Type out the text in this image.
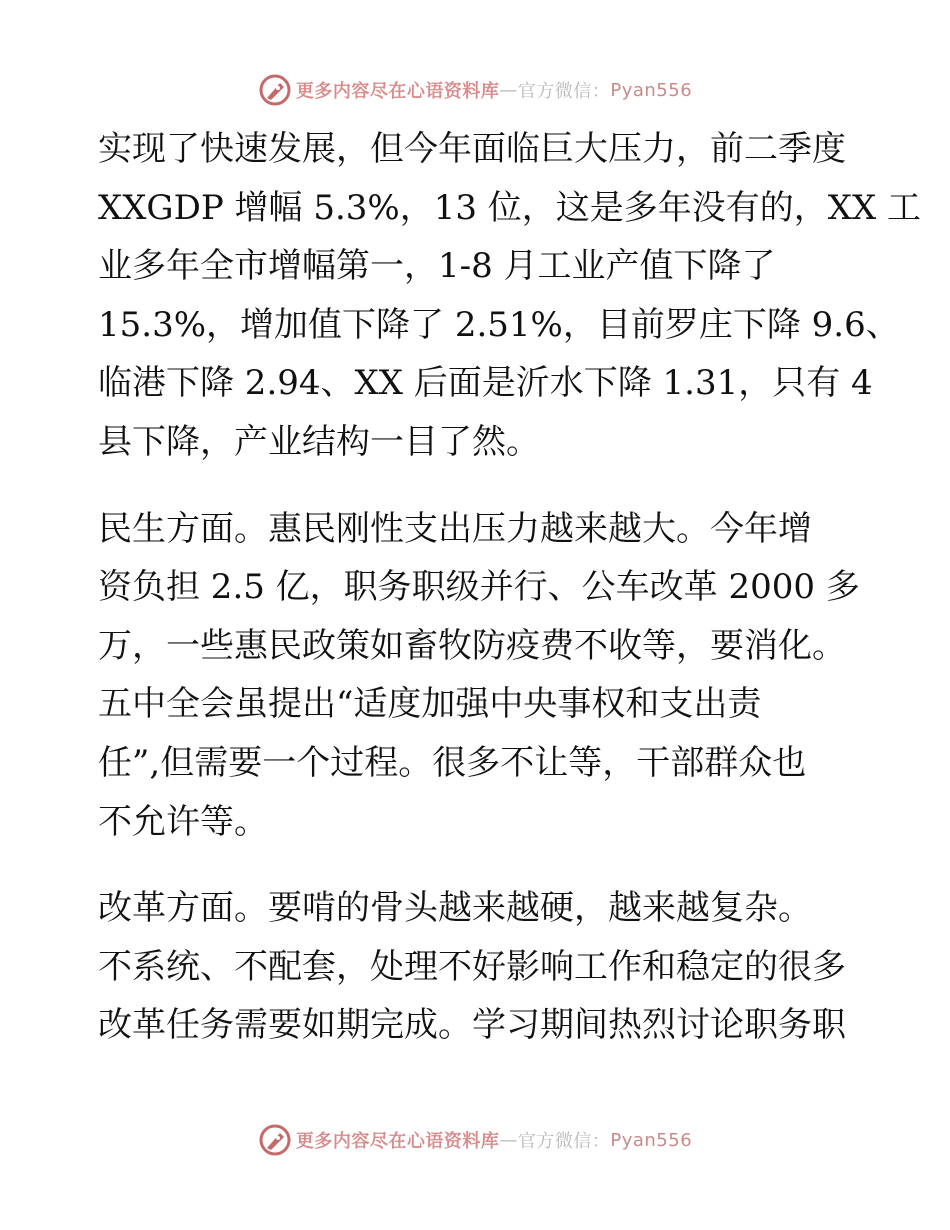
更多内容尽在心语资料库 — 官方微信： Pyan556
实现了快速发展，但今年面临巨大压力，前二季度
XXGDP 增幅 5.3%，13 位，这是多年没有的，XX 工
业多年全市增幅第一，1-8 月工业产值下降了
15.3%，增加值下降了 2.51%，目前罗庄下降 9.6、
临港下降 2.94、XX 后面是沂水下降 1.31，只有 4
县下降，产业结构一目了然。
民生方面。惠民刚性支出压力越来越大。今年增
资负担 2.5 亿，职务职级并行、公车改革 2000 多
万，一些惠民政策如畜牧防疫费不收等，要消化。
五中全会虽提出“适度加强中央事权和支出责
任”,但需要一个过程。很多不让等，干部群众也
不允许等。
改革方面。要啃的骨头越来越硬，越来越复杂。
不系统、不配套，处理不好影响工作和稳定的很多
改革任务需要如期完成。学习期间热烈讨论职务职
更多内容尽在心语资料库 — 官方微信： Pyan556
